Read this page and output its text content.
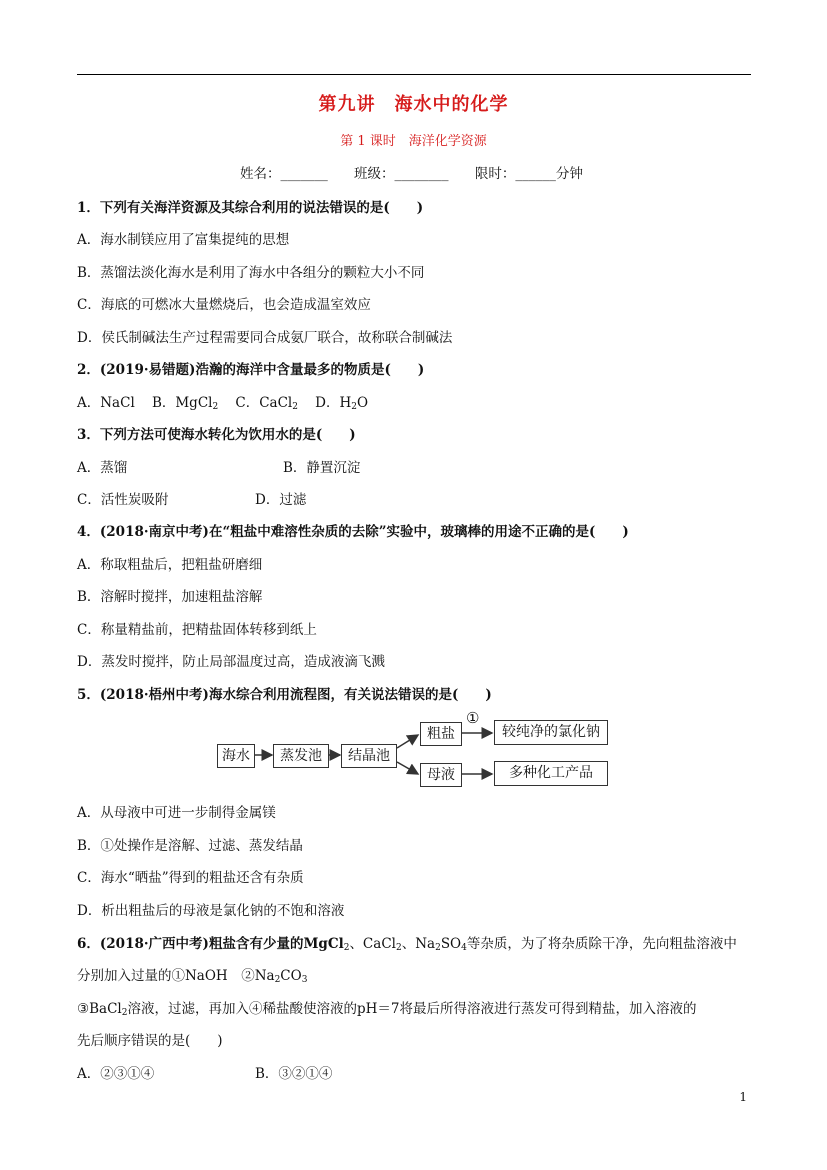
第九讲　海水中的化学
第 1 课时　海洋化学资源
姓名：_______ 班级：________ 限时：______分钟
1．下列有关海洋资源及其综合利用的说法错误的是(　　)
A．海水制镁应用了富集提纯的思想
B．蒸馏法淡化海水是利用了海水中各组分的颗粒大小不同
C．海底的可燃冰大量燃烧后，也会造成温室效应
D．侯氏制碱法生产过程需要同合成氨厂联合，故称联合制碱法
2．(2019·易错题)浩瀚的海洋中含量最多的物质是(　　)
A．NaCl B．MgCl$_2$ C．CaCl$_2$ D．$H_2O$
3．下列方法可使海水转化为饮用水的是(　　)
A．蒸馏	B．静置沉淀
C．活性炭吸附	D．过滤
4．(2018·南京中考)在“粗盐中难溶性杂质的去除”实验中，玻璃棒的用途不正确的是(　　)
A．称取粗盐后，把粗盐研磨细
B．溶解时搅拌，加速粗盐溶解
C．称量精盐前，把精盐固体转移到纸上
D．蒸发时搅拌，防止局部温度过高，造成液滴飞溅
5．(2018·梧州中考)海水综合利用流程图，有关说法错误的是(　　)
海水	蒸发池	结晶池
粗盐
母液
①
较纯净的氯化钠
多种化工产品
A．从母液中可进一步制得金属镁
B．①处操作是溶解、过滤、蒸发结晶
C．海水“晒盐”得到的粗盐还含有杂质
D．析出粗盐后的母液是氯化钠的不饱和溶液
6．(2018·广西中考)粗盐含有少量的MgCl$_2$、CaCl$_2$、$Na_2SO_4$等杂质，为了将杂质除干净，先向粗盐溶液中
分别加入过量的①NaOH　$②Na_2CO_3$
③BaCl$_2$溶液，过滤，再加入④稀盐酸使溶液的pH＝7将最后所得溶液进行蒸发可得到精盐，加入溶液的
先后顺序错误的是(　　)
A．②③①④	B．③②①④
1
